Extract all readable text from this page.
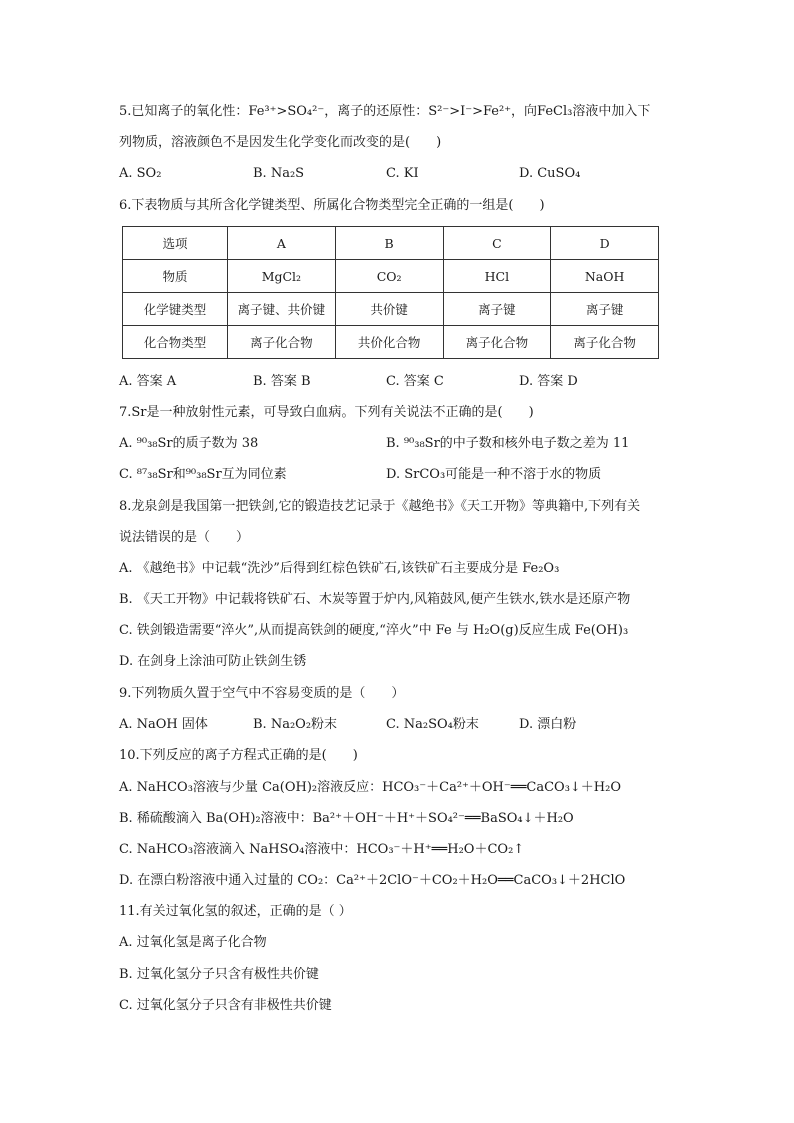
5.已知离子的氧化性：Fe³⁺>SO₄²⁻，离子的还原性：S²⁻>I⁻>Fe²⁺，向FeCl₃溶液中加入下
列物质，溶液颜色不是因发生化学变化而改变的是(　　)
A. SO₂	B. Na₂S	C. KI	D. CuSO₄
6.下表物质与其所含化学键类型、所属化合物类型完全正确的一组是(　　)
选项	A	B	C	D
物质	MgCl₂	CO₂	HCl	NaOH
化学键类型	离子键、共价键	共价键	离子键	离子键
化合物类型	离子化合物	共价化合物	离子化合物	离子化合物
A. 答案 A	B. 答案 B	C. 答案 C	D. 答案 D
7.Sr是一种放射性元素，可导致白血病。下列有关说法不正确的是(　　)
A. ⁹⁰₃₈Sr的质子数为 38	B. ⁹⁰₃₈Sr的中子数和核外电子数之差为 11
C. ⁸⁷₃₈Sr和⁹⁰₃₈Sr互为同位素	D. SrCO₃可能是一种不溶于水的物质
8.龙泉剑是我国第一把铁剑,它的锻造技艺记录于《越绝书》《天工开物》等典籍中,下列有关
说法错误的是（　　）
A. 《越绝书》中记载“洗沙”后得到红棕色铁矿石,该铁矿石主要成分是 Fe₂O₃
B. 《天工开物》中记载将铁矿石、木炭等置于炉内,风箱鼓风,便产生铁水,铁水是还原产物
C. 铁剑锻造需要“淬火”,从而提高铁剑的硬度,“淬火”中 Fe 与 H₂O(g)反应生成 Fe(OH)₃
D. 在剑身上涂油可防止铁剑生锈
9.下列物质久置于空气中不容易变质的是（　　）
A. NaOH 固体	B. Na₂O₂粉末	C. Na₂SO₄粉末	D. 漂白粉
10.下列反应的离子方程式正确的是(　　)
A. NaHCO₃溶液与少量 Ca(OH)₂溶液反应：HCO₃⁻＋Ca²⁺＋OH⁻══CaCO₃↓＋H₂O
B. 稀硫酸滴入 Ba(OH)₂溶液中：Ba²⁺＋OH⁻＋H⁺＋SO₄²⁻══BaSO₄↓＋H₂O
C. NaHCO₃溶液滴入 NaHSO₄溶液中：HCO₃⁻＋H⁺══H₂O＋CO₂↑
D. 在漂白粉溶液中通入过量的 CO₂：Ca²⁺＋2ClO⁻＋CO₂＋H₂O══CaCO₃↓＋2HClO
11.有关过氧化氢的叙述，正确的是（ ）
A. 过氧化氢是离子化合物
B. 过氧化氢分子只含有极性共价键
C. 过氧化氢分子只含有非极性共价键
